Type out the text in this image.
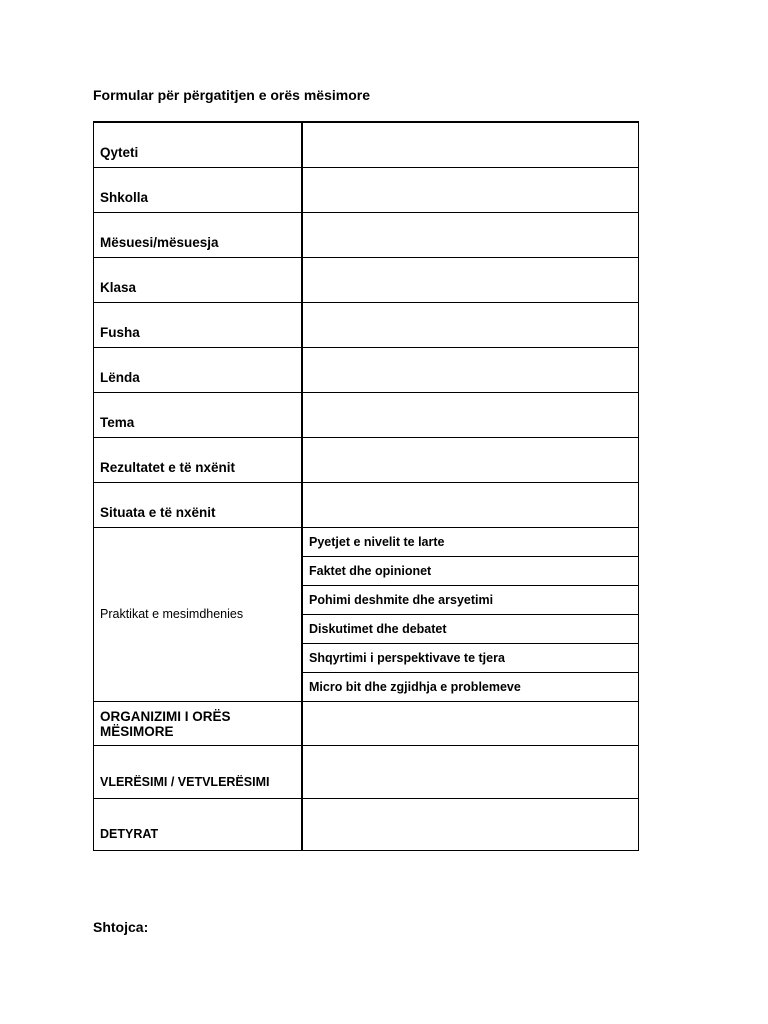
Formular për përgatitjen e orës mësimore
Qyteti	
Shkolla	
Mësuesi/mësuesja	
Klasa	
Fusha	
Lënda	
Tema	
Rezultatet e të nxënit	
Situata e të nxënit	
Praktikat e mesimdhenies	Pyetjet e nivelit te larte
	Faktet dhe opinionet
	Pohimi deshmite dhe arsyetimi
	Diskutimet dhe debatet
	Shqyrtimi i perspektivave te tjera
	Micro bit dhe zgjidhja e problemeve
ORGANIZIMI I ORËS
MËSIMORE	
VLERËSIMI / VETVLERËSIMI	
DETYRAT	
Shtojca:
